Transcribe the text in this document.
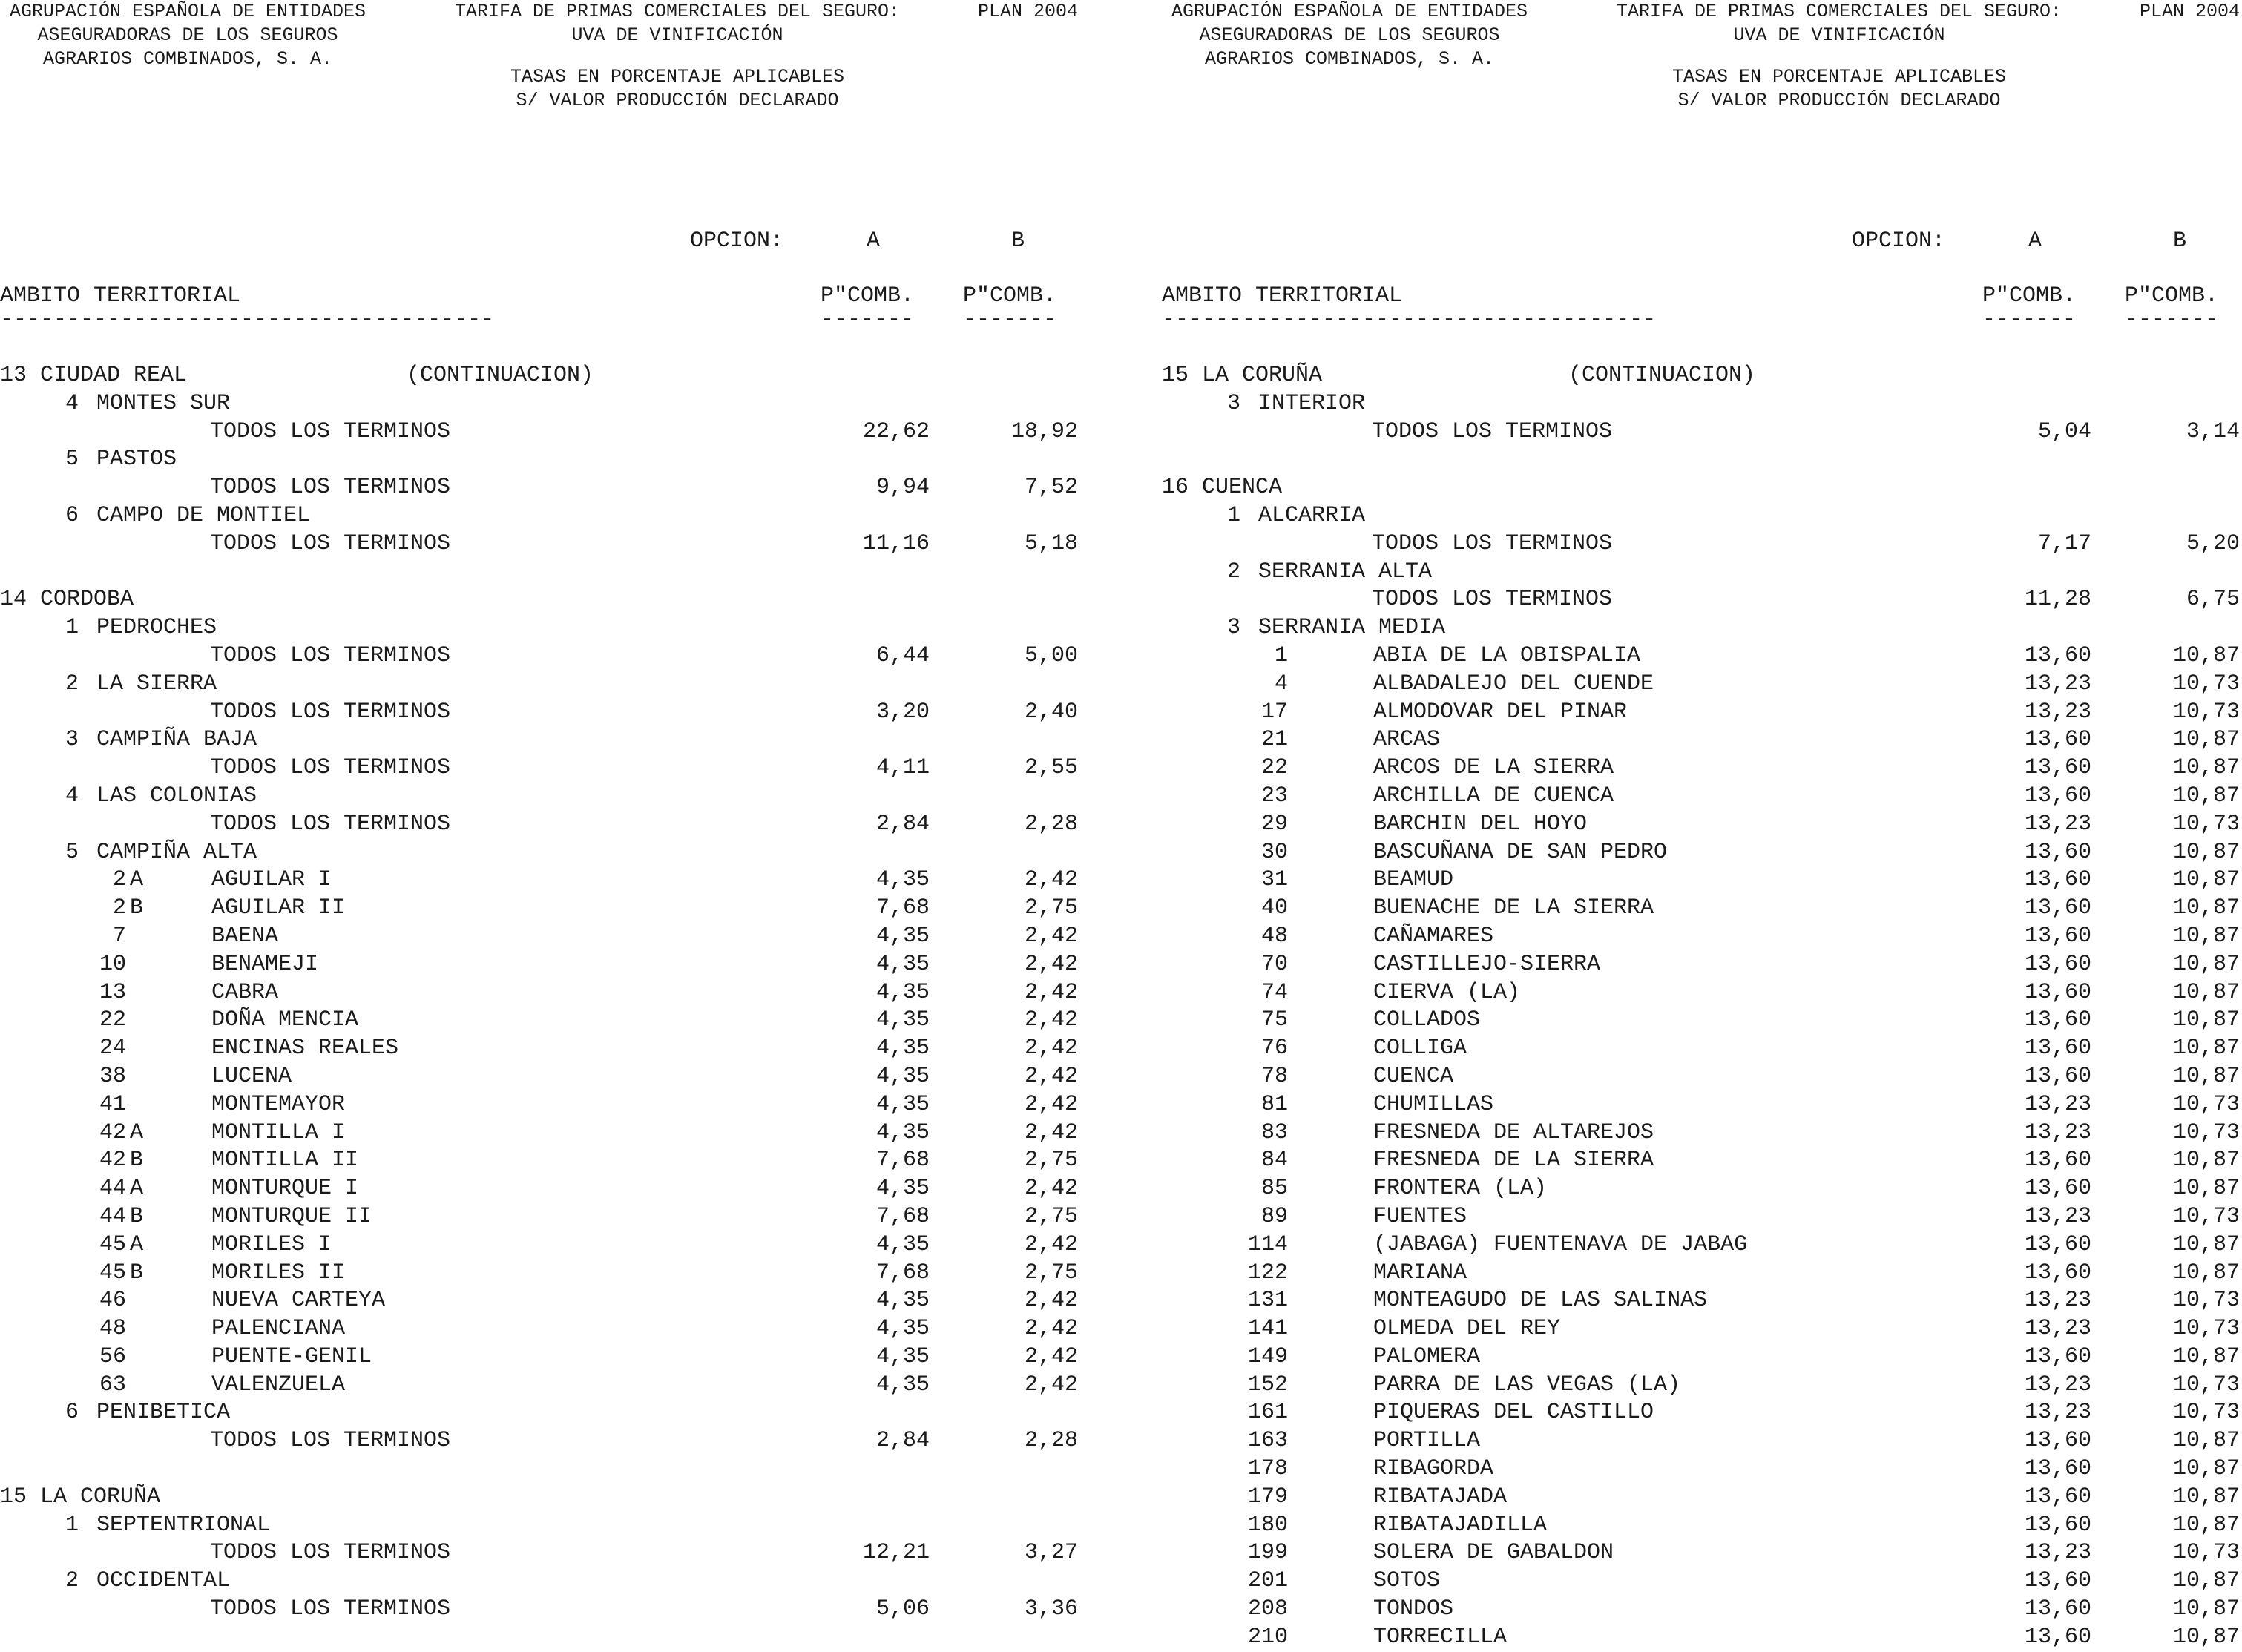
AGRUPACIÓN ESPAÑOLA DE ENTIDADES
ASEGURADORAS DE LOS SEGUROS
AGRARIOS COMBINADOS, S. A.
TARIFA DE PRIMAS COMERCIALES DEL SEGURO:
UVA DE VINIFICACIÓN
PLAN 2004
TASAS EN PORCENTAJE APLICABLES
S/ VALOR PRODUCCIÓN DECLARADO
OPCION:	A	B
AMBITO TERRITORIAL	P"COMB. P"COMB.
-------------------------------------	-------	-------
13 CIUDAD REAL	(CONTINUACION)
4 MONTES SUR
TODOS LOS TERMINOS	22,62	18,92
5 PASTOS
TODOS LOS TERMINOS	9,94	7,52
6 CAMPO DE MONTIEL
TODOS LOS TERMINOS	11,16	5,18
14 CORDOBA
1 PEDROCHES
TODOS LOS TERMINOS	6,44	5,00
2 LA SIERRA
TODOS LOS TERMINOS	3,20	2,40
3 CAMPIÑA BAJA
TODOS LOS TERMINOS	4,11	2,55
4 LAS COLONIAS
TODOS LOS TERMINOS	2,84	2,28
5 CAMPIÑA ALTA
2 A	AGUILAR I	4,35	2,42
2 B	AGUILAR II	7,68	2,75
7	BAENA	4,35	2,42
10	BENAMEJI	4,35	2,42
13	CABRA	4,35	2,42
22	DOÑA MENCIA	4,35	2,42
24	ENCINAS REALES	4,35	2,42
38	LUCENA	4,35	2,42
41	MONTEMAYOR	4,35	2,42
42 A	MONTILLA I	4,35	2,42
42 B	MONTILLA II	7,68	2,75
44 A	MONTURQUE I	4,35	2,42
44 B	MONTURQUE II	7,68	2,75
45 A	MORILES I	4,35	2,42
45 B	MORILES II	7,68	2,75
46	NUEVA CARTEYA	4,35	2,42
48	PALENCIANA	4,35	2,42
56	PUENTE-GENIL	4,35	2,42
63	VALENZUELA	4,35	2,42
6 PENIBETICA
TODOS LOS TERMINOS	2,84	2,28
15 LA CORUÑA
1 SEPTENTRIONAL
TODOS LOS TERMINOS	12,21	3,27
2 OCCIDENTAL
TODOS LOS TERMINOS	5,06	3,36
AGRUPACIÓN ESPAÑOLA DE ENTIDADES
ASEGURADORAS DE LOS SEGUROS
AGRARIOS COMBINADOS, S. A.
TARIFA DE PRIMAS COMERCIALES DEL SEGURO:
UVA DE VINIFICACIÓN
PLAN 2004
TASAS EN PORCENTAJE APLICABLES
S/ VALOR PRODUCCIÓN DECLARADO
OPCION:	A	B
AMBITO TERRITORIAL	P"COMB. P"COMB.
-------------------------------------	-------	-------
15 LA CORUÑA	(CONTINUACION)
3 INTERIOR
TODOS LOS TERMINOS	5,04	3,14
16 CUENCA
1 ALCARRIA
TODOS LOS TERMINOS	7,17	5,20
2 SERRANIA ALTA
TODOS LOS TERMINOS	11,28	6,75
3 SERRANIA MEDIA
1	ABIA DE LA OBISPALIA	13,60	10,87
4	ALBADALEJO DEL CUENDE	13,23	10,73
17	ALMODOVAR DEL PINAR	13,23	10,73
21	ARCAS	13,60	10,87
22	ARCOS DE LA SIERRA	13,60	10,87
23	ARCHILLA DE CUENCA	13,60	10,87
29	BARCHIN DEL HOYO	13,23	10,73
30	BASCUÑANA DE SAN PEDRO	13,60	10,87
31	BEAMUD	13,60	10,87
40	BUENACHE DE LA SIERRA	13,60	10,87
48	CAÑAMARES	13,60	10,87
70	CASTILLEJO-SIERRA	13,60	10,87
74	CIERVA (LA)	13,60	10,87
75	COLLADOS	13,60	10,87
76	COLLIGA	13,60	10,87
78	CUENCA	13,60	10,87
81	CHUMILLAS	13,23	10,73
83	FRESNEDA DE ALTAREJOS	13,23	10,73
84	FRESNEDA DE LA SIERRA	13,60	10,87
85	FRONTERA (LA)	13,60	10,87
89	FUENTES	13,23	10,73
114	(JABAGA) FUENTENAVA DE JABAG	13,60	10,87
122	MARIANA	13,60	10,87
131	MONTEAGUDO DE LAS SALINAS	13,23	10,73
141	OLMEDA DEL REY	13,23	10,73
149	PALOMERA	13,60	10,87
152	PARRA DE LAS VEGAS (LA)	13,23	10,73
161	PIQUERAS DEL CASTILLO	13,23	10,73
163	PORTILLA	13,60	10,87
178	RIBAGORDA	13,60	10,87
179	RIBATAJADA	13,60	10,87
180	RIBATAJADILLA	13,60	10,87
199	SOLERA DE GABALDON	13,23	10,73
201	SOTOS	13,60	10,87
208	TONDOS	13,60	10,87
210	TORRECILLA	13,60	10,87
